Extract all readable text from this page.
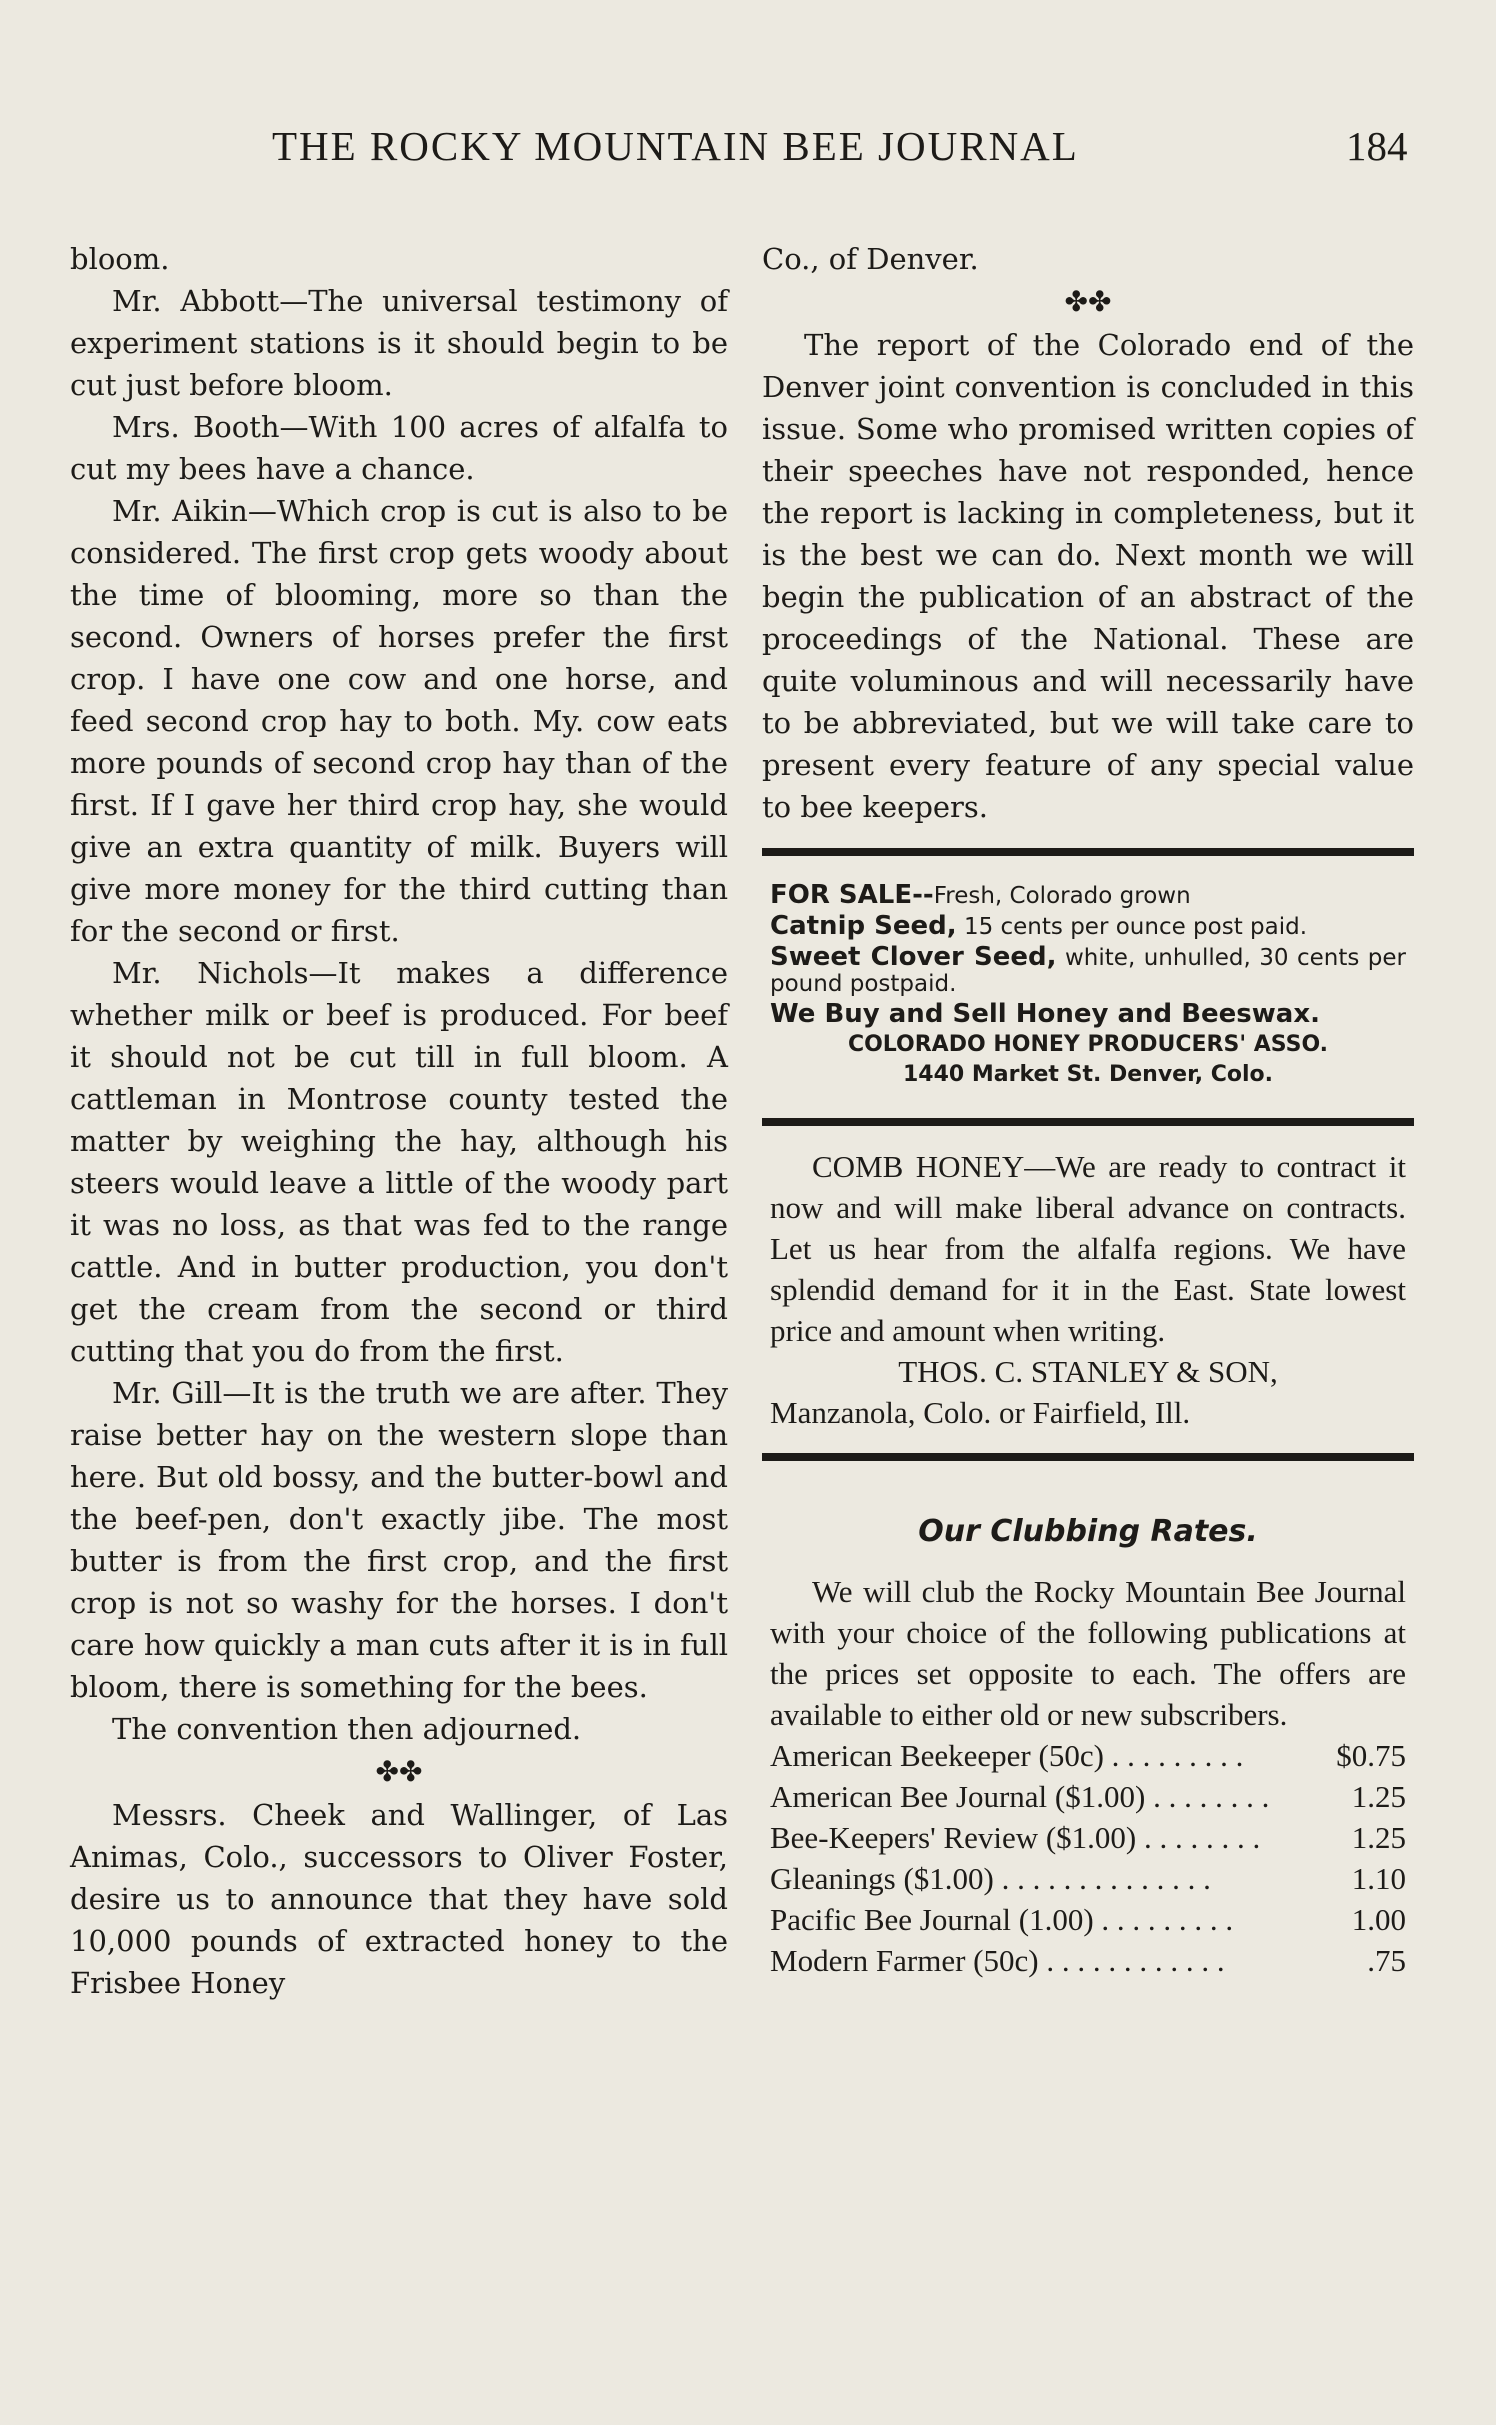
THE ROCKY MOUNTAIN BEE JOURNAL	184

bloom.

Mr. Abbott—The universal testimony of experiment stations is it should begin to be cut just before bloom.

Mrs. Booth—With 100 acres of alfalfa to cut my bees have a chance.

Mr. Aikin—Which crop is cut is also to be considered. The first crop gets woody about the time of blooming, more so than the second. Owners of horses prefer the first crop. I have one cow and one horse, and feed second crop hay to both. My. cow eats more pounds of second crop hay than of the first. If I gave her third crop hay, she would give an extra quantity of milk. Buyers will give more money for the third cutting than for the second or first.

Mr. Nichols—It makes a difference whether milk or beef is produced. For beef it should not be cut till in full bloom. A cattleman in Montrose county tested the matter by weighing the hay, although his steers would leave a little of the woody part it was no loss, as that was fed to the range cattle. And in butter production, you don't get the cream from the second or third cutting that you do from the first.

Mr. Gill—It is the truth we are after. They raise better hay on the western slope than here. But old bossy, and the butter-bowl and the beef-pen, don't exactly jibe. The most butter is from the first crop, and the first crop is not so washy for the horses. I don't care how quickly a man cuts after it is in full bloom, there is something for the bees.

The convention then adjourned.

✤✤

Messrs. Cheek and Wallinger, of Las Animas, Colo., successors to Oliver Foster, desire us to announce that they have sold 10,000 pounds of extracted honey to the Frisbee Honey

Co., of Denver.

✤✤

The report of the Colorado end of the Denver joint convention is concluded in this issue. Some who promised written copies of their speeches have not responded, hence the report is lacking in completeness, but it is the best we can do. Next month we will begin the publication of an abstract of the proceedings of the National. These are quite voluminous and will necessarily have to be abbreviated, but we will take care to present every feature of any special value to bee keepers.

FOR SALE--Fresh, Colorado grown

Catnip Seed, 15 cents per ounce post paid.

Sweet Clover Seed, white, unhulled, 30 cents per pound postpaid.

We Buy and Sell Honey and Beeswax.

COLORADO HONEY PRODUCERS' ASSO.

1440 Market St. Denver, Colo.

COMB HONEY—We are ready to contract it now and will make liberal advance on contracts. Let us hear from the alfalfa regions. We have splendid demand for it in the East. State lowest price and amount when writing.

THOS. C. STANLEY & SON,

Manzanola, Colo. or Fairfield, Ill.

Our Clubbing Rates.

We will club the Rocky Mountain Bee Journal with your choice of the following publications at the prices set opposite to each. The offers are available to either old or new subscribers.

American Beekeeper (50c) . . . . . . . . .	$0.75
American Bee Journal ($1.00) . . . . . . . .	1.25
Bee-Keepers' Review ($1.00) . . . . . . . .	1.25
Gleanings ($1.00) . . . . . . . . . . . . . .	1.10
Pacific Bee Journal (1.00) . . . . . . . . .	1.00
Modern Farmer (50c) . . . . . . . . . . . .	.75
